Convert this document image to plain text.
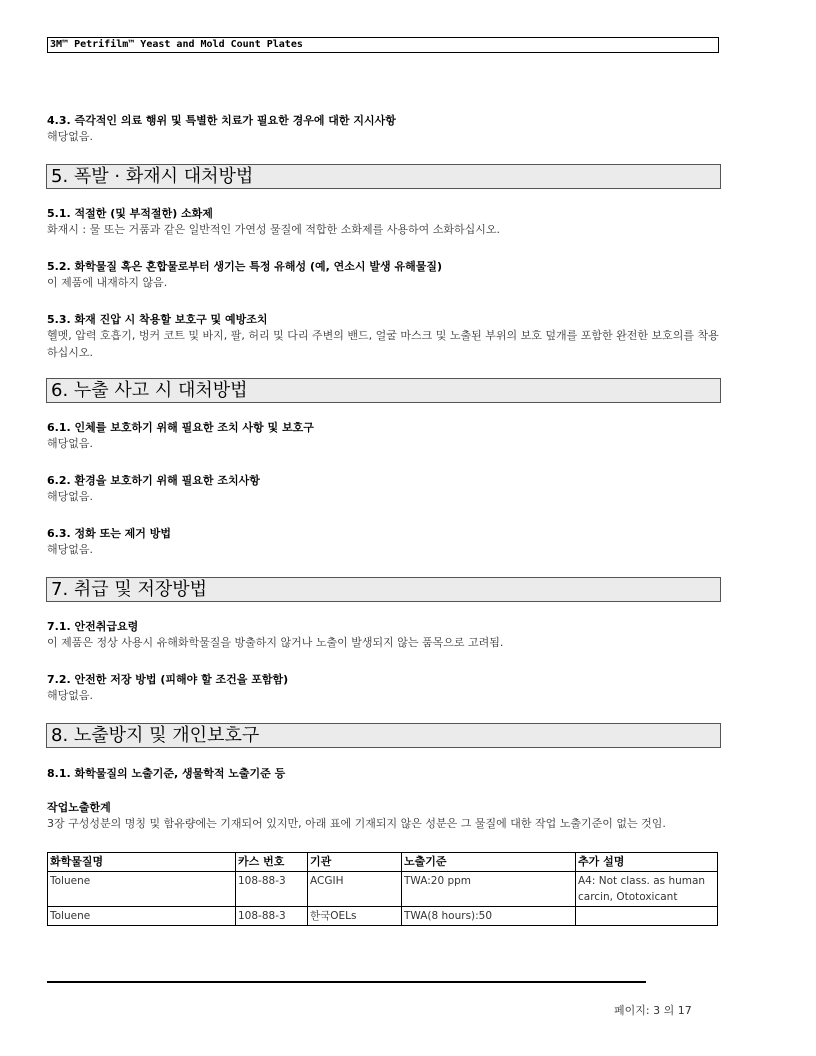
3M™ Petrifilm™ Yeast and Mold Count Plates
4.3. 즉각적인 의료 행위 및 특별한 치료가 필요한 경우에 대한 지시사항
해당없음.
5. 폭발 · 화재시 대처방법
5.1. 적절한 (및 부적절한) 소화제
화재시 : 물 또는 거품과 같은 일반적인 가연성 물질에 적합한 소화제를 사용하여 소화하십시오.
5.2. 화학물질 혹은 혼합물로부터 생기는 특정 유해성 (예, 연소시 발생 유해물질)
이 제품에 내재하지 않음.
5.3. 화재 진압 시 착용할 보호구 및 예방조치
헬멧, 압력 호흡기, 벙커 코트 및 바지, 팔, 허리 및 다리 주변의 밴드, 얼굴 마스크 및 노출된 부위의 보호 덮개를 포함한 완전한 보호의를 착용하십시오.
6. 누출 사고 시 대처방법
6.1. 인체를 보호하기 위해 필요한 조치 사항 및 보호구
해당없음.
6.2. 환경을 보호하기 위해 필요한 조치사항
해당없음.
6.3. 정화 또는 제거 방법
해당없음.
7. 취급 및 저장방법
7.1. 안전취급요령
이 제품은 정상 사용시 유해화학물질을 방출하지 않거나 노출이 발생되지 않는 품목으로 고려됨.
7.2. 안전한 저장 방법 (피해야 할 조건을 포함함)
해당없음.
8. 노출방지 및 개인보호구
8.1. 화학물질의 노출기준, 생물학적 노출기준 등
작업노출한계
3장 구성성분의 명칭 및 함유량에는 기재되어 있지만, 아래 표에 기재되지 않은 성분은 그 물질에 대한 작업 노출기준이 없는 것임.
화학물질명	카스 번호	기관	노출기준	추가 설명
Toluene	108-88-3	ACGIH	TWA:20 ppm	A4: Not class. as human carcin, Ototoxicant
Toluene	108-88-3	한국OELs	TWA(8 hours):50	
페이지: 3 의 17
